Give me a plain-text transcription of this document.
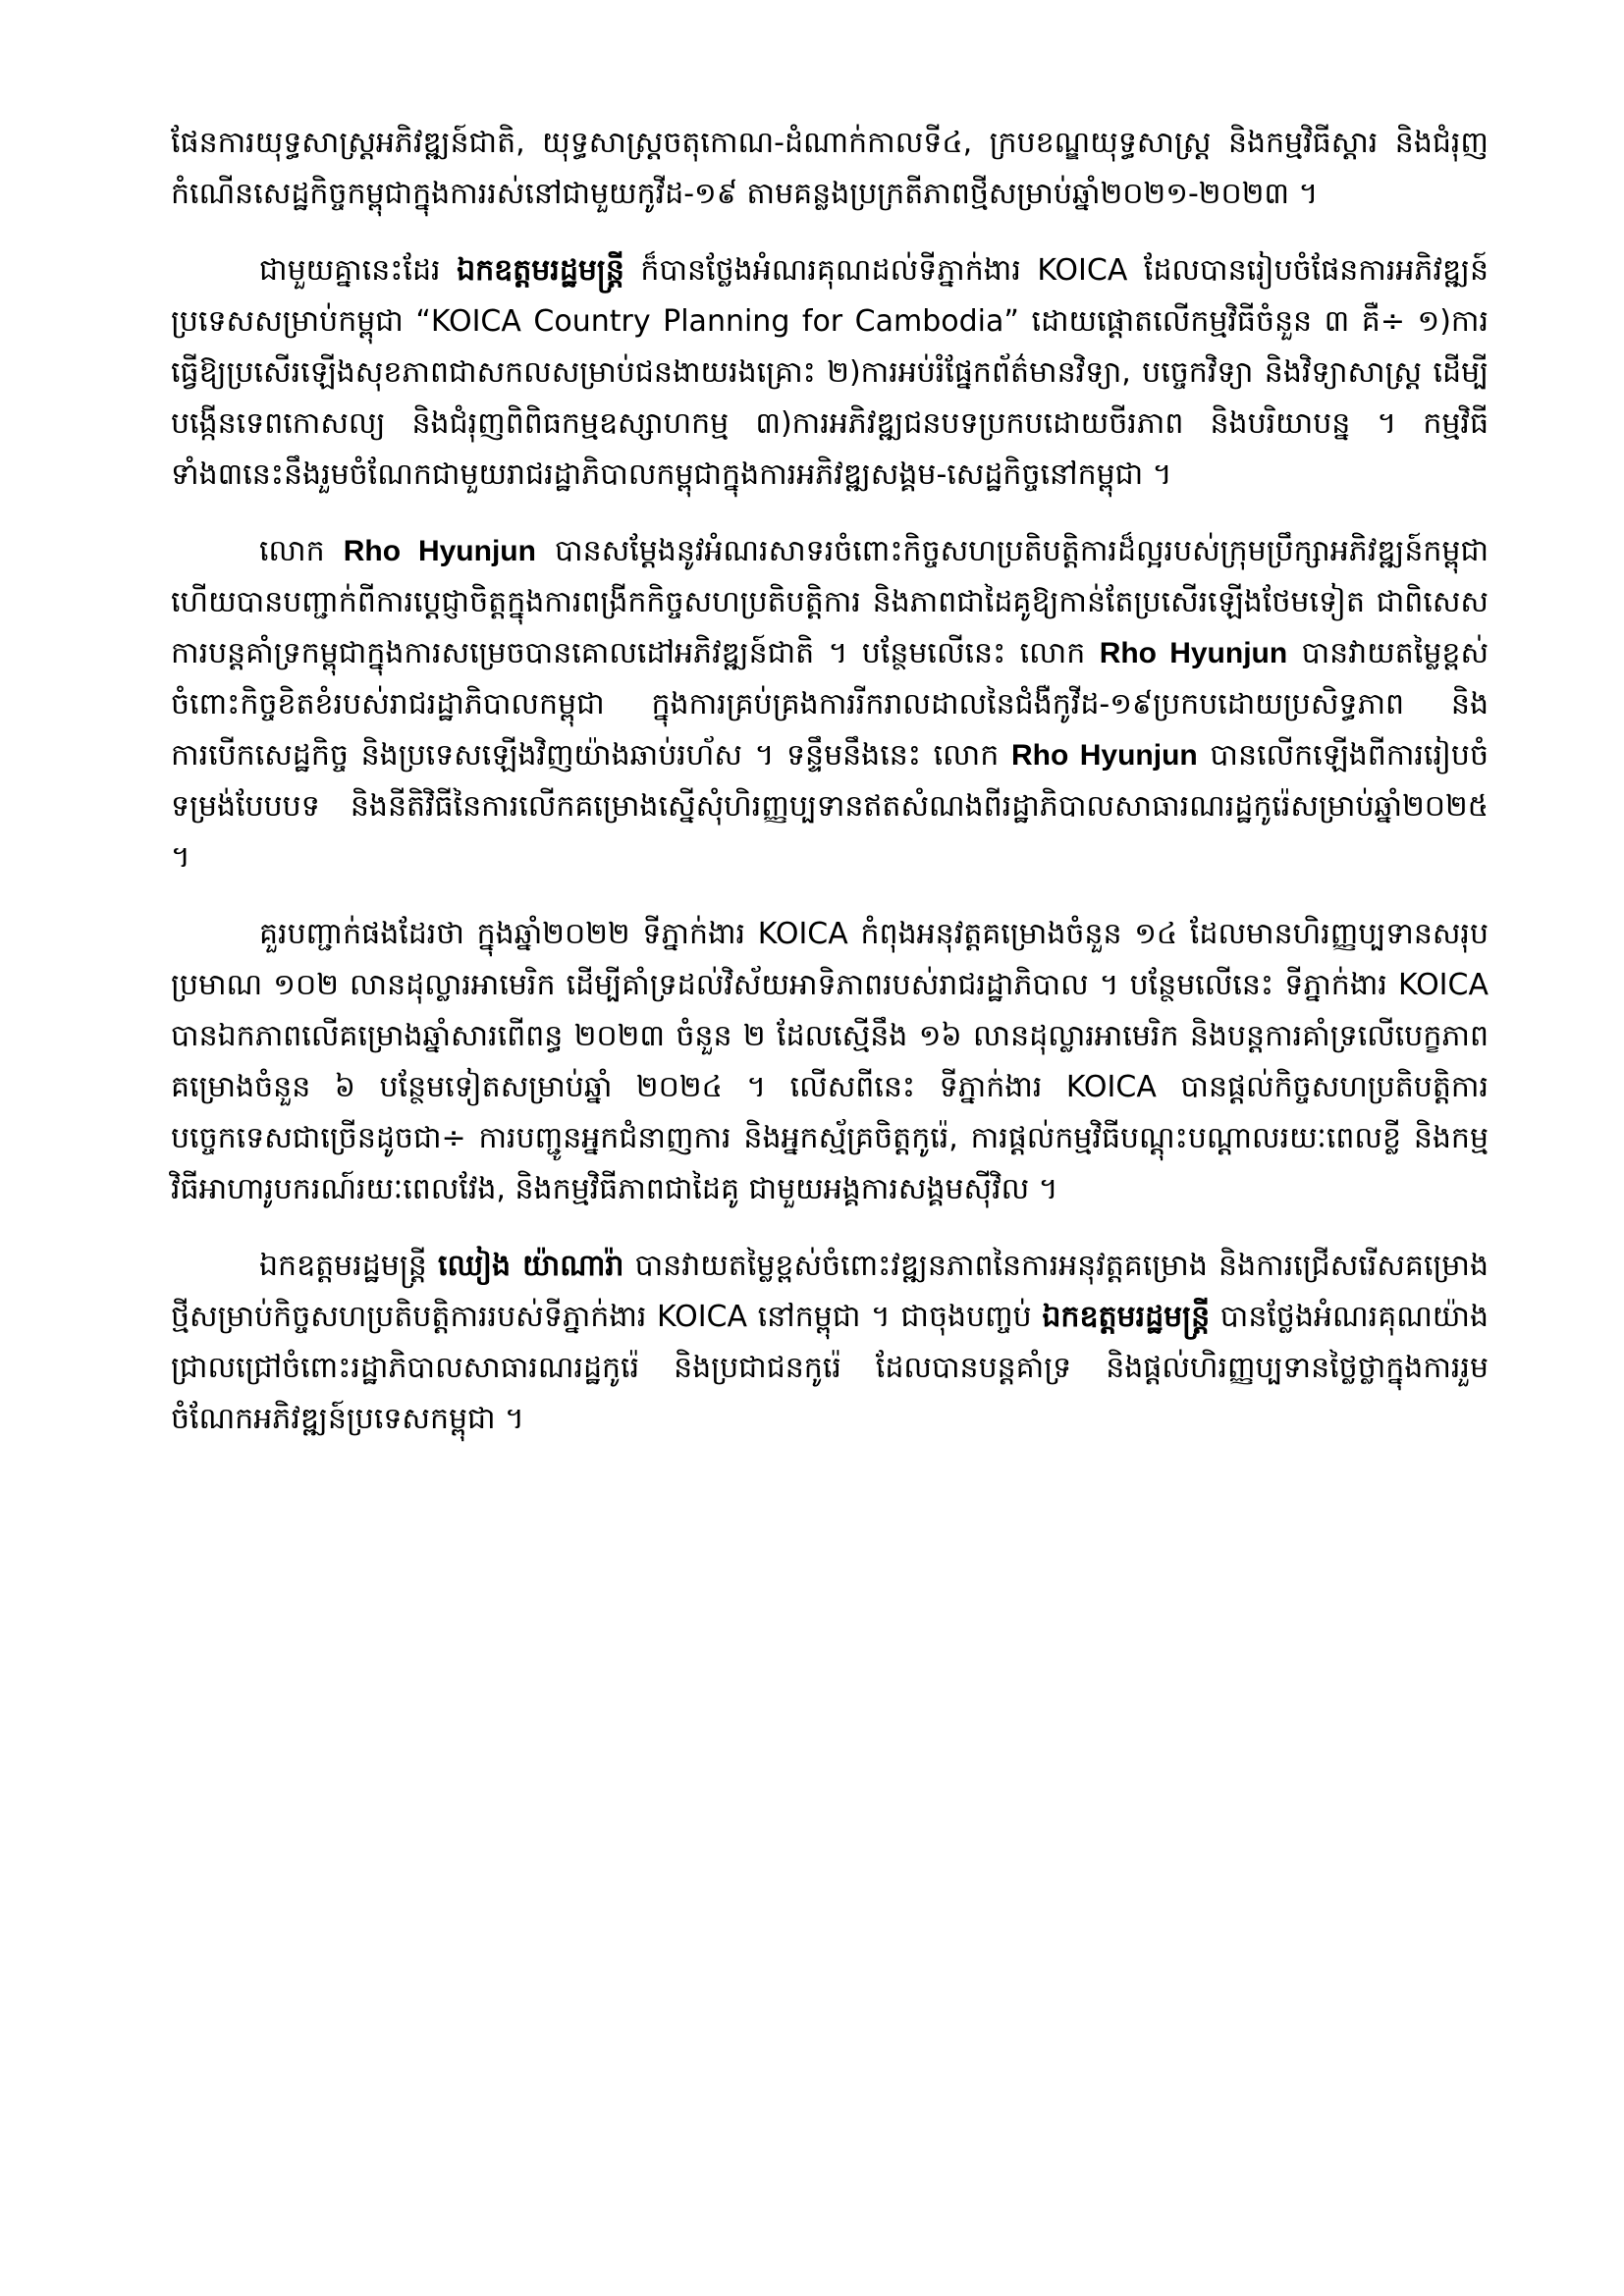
ផែនការយុទ្ធសាស្ត្រអភិវឌ្ឍន៍ជាតិ, យុទ្ធសាស្ត្រចតុកោណ-ដំណាក់កាលទី៤, ក្របខណ្ឌយុទ្ធសាស្ត្រ និងកម្មវិធីស្តារ និងជំរុញកំណើនសេដ្ឋកិច្ចកម្ពុជាក្នុងការរស់នៅជាមួយកូវីដ-១៩ តាមគន្លងប្រក្រតីភាពថ្មីសម្រាប់ឆ្នាំ២០២១-២០២៣ ។

ជាមួយគ្នានេះដែរ ឯកឧត្តមរដ្ឋមន្ត្រី ក៏បានថ្លែងអំណរគុណដល់ទីភ្នាក់ងារ KOICA ដែលបានរៀបចំផែនការអភិវឌ្ឍន៍ប្រទេសសម្រាប់កម្ពុជា “KOICA Country Planning for Cambodia” ដោយផ្តោតលើកម្មវិធីចំនួន ៣ គឺ÷ ១)ការធ្វើឱ្យប្រសើរឡើងសុខភាពជាសកលសម្រាប់ជនងាយរងគ្រោះ ២)ការអប់រំផ្នែកព័ត៌មានវិទ្យា, បច្ចេកវិទ្យា និងវិទ្យាសាស្ត្រ ដើម្បីបង្កើនទេពកោសល្យ និងជំរុញពិពិធកម្មឧស្សាហកម្ម ៣)ការអភិវឌ្ឍជនបទប្រកបដោយចីរភាព និងបរិយាបន្ន ។ កម្មវិធីទាំង៣នេះនឹងរួមចំណែកជាមួយរាជរដ្ឋាភិបាលកម្ពុជាក្នុងការអភិវឌ្ឍសង្គម-សេដ្ឋកិច្ចនៅកម្ពុជា ។

លោក Rho Hyunjun បានសម្តែងនូវអំណរសាទរចំពោះកិច្ចសហប្រតិបត្តិការដ៏ល្អរបស់ក្រុមប្រឹក្សាអភិវឌ្ឍន៍កម្ពុជា ហើយបានបញ្ជាក់ពីការប្តេជ្ញាចិត្តក្នុងការពង្រីកកិច្ចសហប្រតិបត្តិការ និងភាពជាដៃគូឱ្យកាន់តែប្រសើរឡើងថែមទៀត ជាពិសេសការបន្តគាំទ្រកម្ពុជាក្នុងការសម្រេចបានគោលដៅអភិវឌ្ឍន៍ជាតិ ។ បន្ថែមលើនេះ លោក Rho Hyunjun បានវាយតម្លៃខ្ពស់ចំពោះកិច្ចខិតខំរបស់រាជរដ្ឋាភិបាលកម្ពុជា ក្នុងការគ្រប់គ្រងការរីករាលដាលនៃជំងឺកូវីដ-១៩ប្រកបដោយប្រសិទ្ធភាព និងការបើកសេដ្ឋកិច្ច និងប្រទេសឡើងវិញយ៉ាងឆាប់រហ័ស ។ ទន្ទឹមនឹងនេះ លោក Rho Hyunjun បានលើកឡើងពីការរៀបចំទម្រង់បែបបទ និងនីតិវិធីនៃការលើកគម្រោងស្នើសុំហិរញ្ញប្បទានឥតសំណងពីរដ្ឋាភិបាលសាធារណរដ្ឋកូរ៉េសម្រាប់ឆ្នាំ២០២៥ ។

គួរបញ្ជាក់ផងដែរថា ក្នុងឆ្នាំ២០២២ ទីភ្នាក់ងារ KOICA កំពុងអនុវត្តគម្រោងចំនួន ១៤ ដែលមានហិរញ្ញប្បទានសរុបប្រមាណ ១០២ លានដុល្លារអាមេរិក ដើម្បីគាំទ្រដល់វិស័យអាទិភាពរបស់រាជរដ្ឋាភិបាល ។ បន្ថែមលើនេះ ទីភ្នាក់ងារ KOICA បានឯកភាពលើគម្រោងឆ្នាំសារពើពន្ធ ២០២៣ ចំនួន ២ ដែលស្មើនឹង ១៦ លានដុល្លារអាមេរិក និងបន្តការគាំទ្រលើបេក្ខភាពគម្រោងចំនួន ៦ បន្ថែមទៀតសម្រាប់ឆ្នាំ ២០២៤ ។ លើសពីនេះ ទីភ្នាក់ងារ KOICA បានផ្តល់កិច្ចសហប្រតិបត្តិការបច្ចេកទេសជាច្រើនដូចជា÷ ការបញ្ជូនអ្នកជំនាញការ និងអ្នកស្ម័គ្រចិត្តកូរ៉េ, ការផ្តល់កម្មវិធីបណ្តុះបណ្តាលរយៈពេលខ្លី និងកម្មវិធីអាហារូបករណ៍រយៈពេលវែង, និងកម្មវិធីភាពជាដៃគូ ជាមួយអង្គការសង្គមស៊ីវិល ។

ឯកឧត្តមរដ្ឋមន្ត្រី ឈៀង យ៉ាណារ៉ា បានវាយតម្លៃខ្ពស់ចំពោះវឌ្ឍនភាពនៃការអនុវត្តគម្រោង និងការជ្រើសរើសគម្រោងថ្មីសម្រាប់កិច្ចសហប្រតិបត្តិការរបស់ទីភ្នាក់ងារ KOICA នៅកម្ពុជា ។ ជាចុងបញ្ចប់ ឯកឧត្តមរដ្ឋមន្ត្រី បានថ្លែងអំណរគុណយ៉ាងជ្រាលជ្រៅចំពោះរដ្ឋាភិបាលសាធារណរដ្ឋកូរ៉េ និងប្រជាជនកូរ៉េ ដែលបានបន្តគាំទ្រ និងផ្តល់ហិរញ្ញប្បទានថ្លៃថ្លាក្នុងការរួមចំណែកអភិវឌ្ឍន៍ប្រទេសកម្ពុជា ។
